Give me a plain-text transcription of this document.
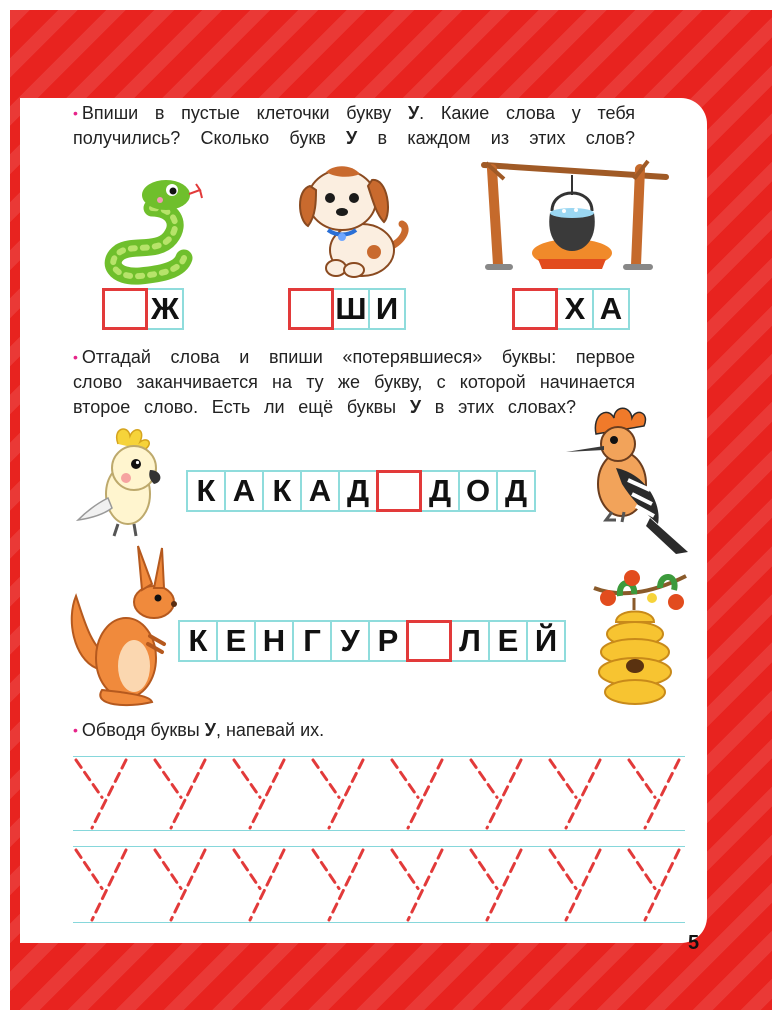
• Впиши в пустые клеточки букву У. Какие слова у тебя
получились? Сколько букв У в каждом из этих слов?
Ж	Ш И	Х А
• Отгадай слова и впиши «потерявшиеся» буквы: первое
слово заканчивается на ту же букву, с которой начинается
второе слово. Есть ли ещё буквы У в этих словах?
К А К А Д Д О Д
К Е Н Г У Р	Л Е Й
• Обводя буквы У, напевай их.
5
